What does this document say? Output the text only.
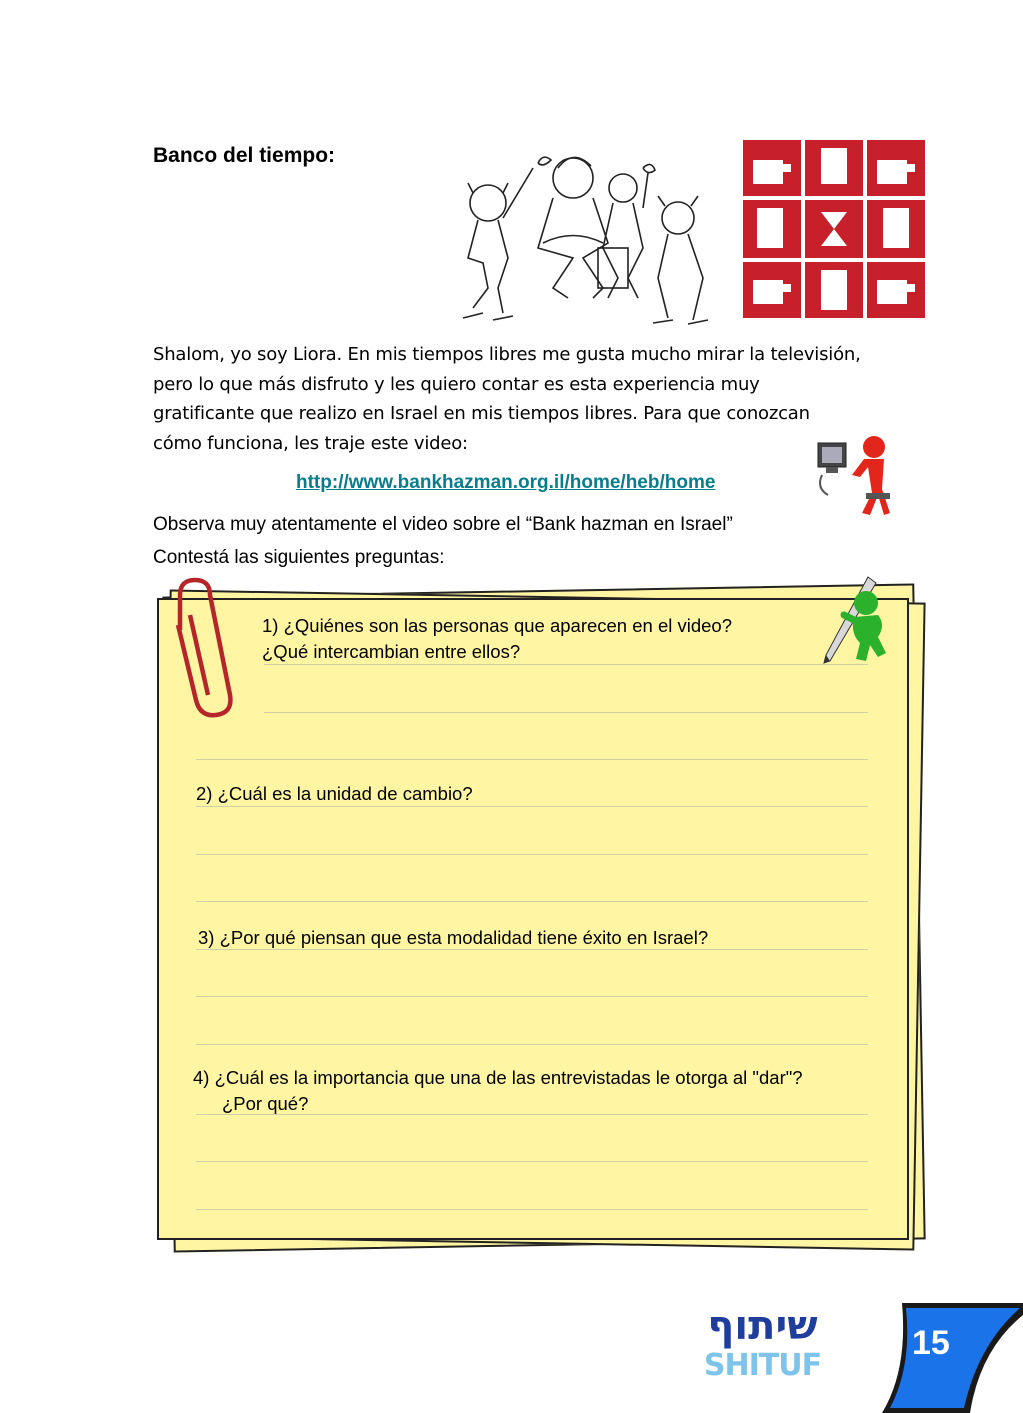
Banco del tiempo:
Shalom, yo soy Liora. En mis tiempos libres me gusta mucho mirar la televisión,
pero lo que más disfruto y les quiero contar es esta experiencia muy
gratificante que realizo en Israel en mis tiempos libres. Para que conozcan
cómo funciona, les traje este video:
http://www.bankhazman.org.il/home/heb/home
Observa muy atentamente el video sobre el “Bank hazman en Israel”
Contestá las siguientes preguntas:
1) ¿Quiénes son las personas que aparecen en el video?
¿Qué intercambian entre ellos?
2) ¿Cuál es la unidad de cambio?
3) ¿Por qué piensan que esta modalidad tiene éxito en Israel?
4) ¿Cuál es la importancia que una de las entrevistadas le otorga al "dar"?
¿Por qué?
שיתוף
SHITUF
15
